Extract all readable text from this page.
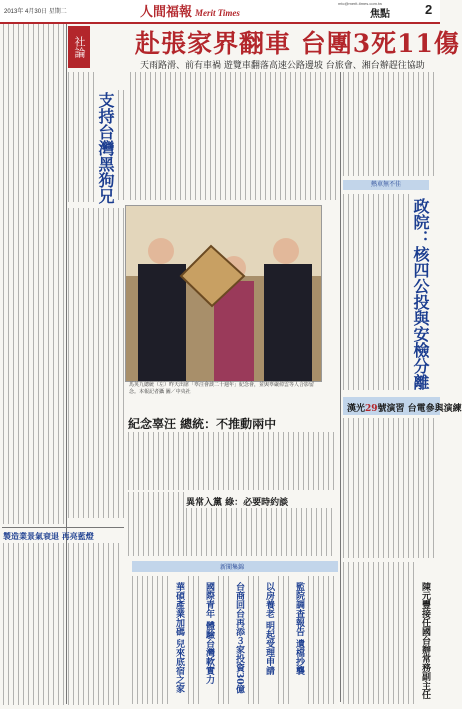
2013年 4月30日 星期二	人間福報 Merit Times
mtc@merit-times.com.tw
焦點	2
赴張家界翻車 台團3死11傷
天雨路滑、前有車禍 遊覽車翻落高速公路邊坡 台旅會、湘台辦趕往協助
社論
支持台灣黑狗兄
馬英九總統（左）昨天出席「辜汪會談二十週年」紀念會，並與辜嚴倬雲等人合影留念。本報記者攝 圖／中央社
紀念辜汪 總統：不推動兩中
熱車無不佳
政院：核四公投與安檢分離
漢光29號演習 台電參與演練
異常入黨 綠：必要時約談
製造業景氣衰退 再亮藍燈
新聞集錦
華碩產業加碼 兒來底宿之家 國際青年 體驗台灣軟實力 台商回台再添３家投資30億 以房養老 明起受理申請 監院調查報告 遺檔抄襲	陳元豐接任國台辦常務副主任
